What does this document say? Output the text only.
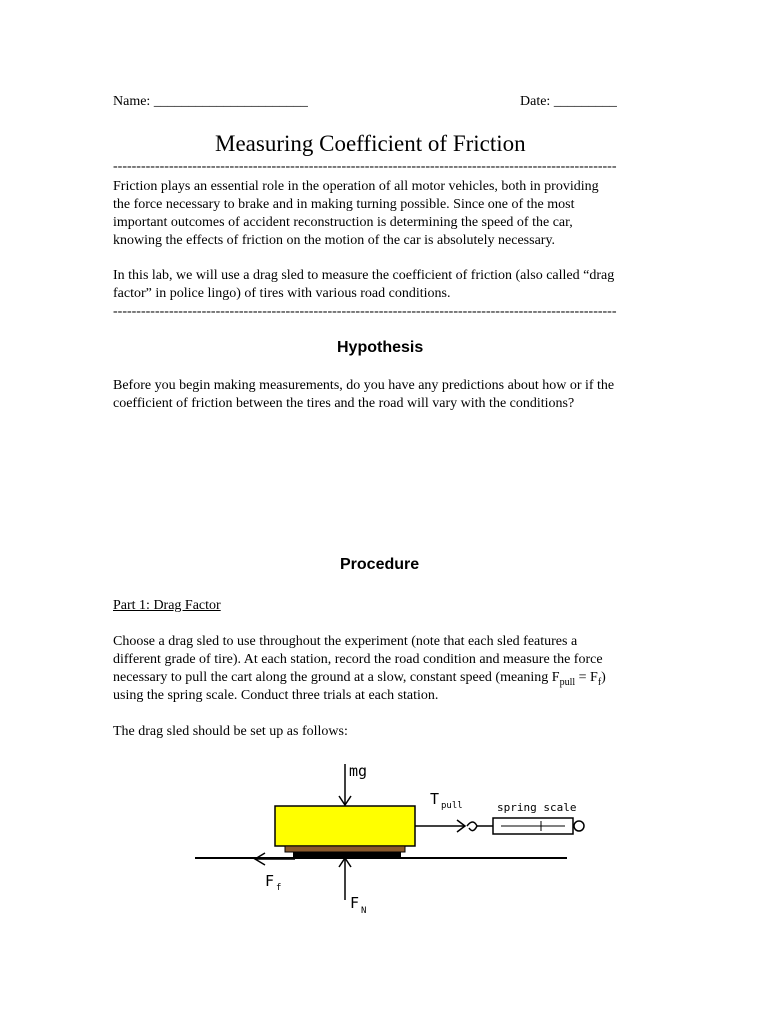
Name: ______________________	Date: _________
Measuring Coefficient of Friction
------------------------------------------------------------------------------------------------------------
Friction plays an essential role in the operation of all motor vehicles, both in providing
the force necessary to brake and in making turning possible. Since one of the most
important outcomes of accident reconstruction is determining the speed of the car,
knowing the effects of friction on the motion of the car is absolutely necessary.
In this lab, we will use a drag sled to measure the coefficient of friction (also called “drag
factor” in police lingo) of tires with various road conditions.
------------------------------------------------------------------------------------------------------------
Hypothesis
Before you begin making measurements, do you have any predictions about how or if the
coefficient of friction between the tires and the road will vary with the conditions?
Procedure
Part 1: Drag Factor
Choose a drag sled to use throughout the experiment (note that each sled features a
different grade of tire). At each station, record the road condition and measure the force
necessary to pull the cart along the ground at a slow, constant speed (meaning $F_{pull} = F_f$)
using the spring scale. Conduct three trials at each station.
The drag sled should be set up as follows:
mg
F N
F f
T pull	spring scale
